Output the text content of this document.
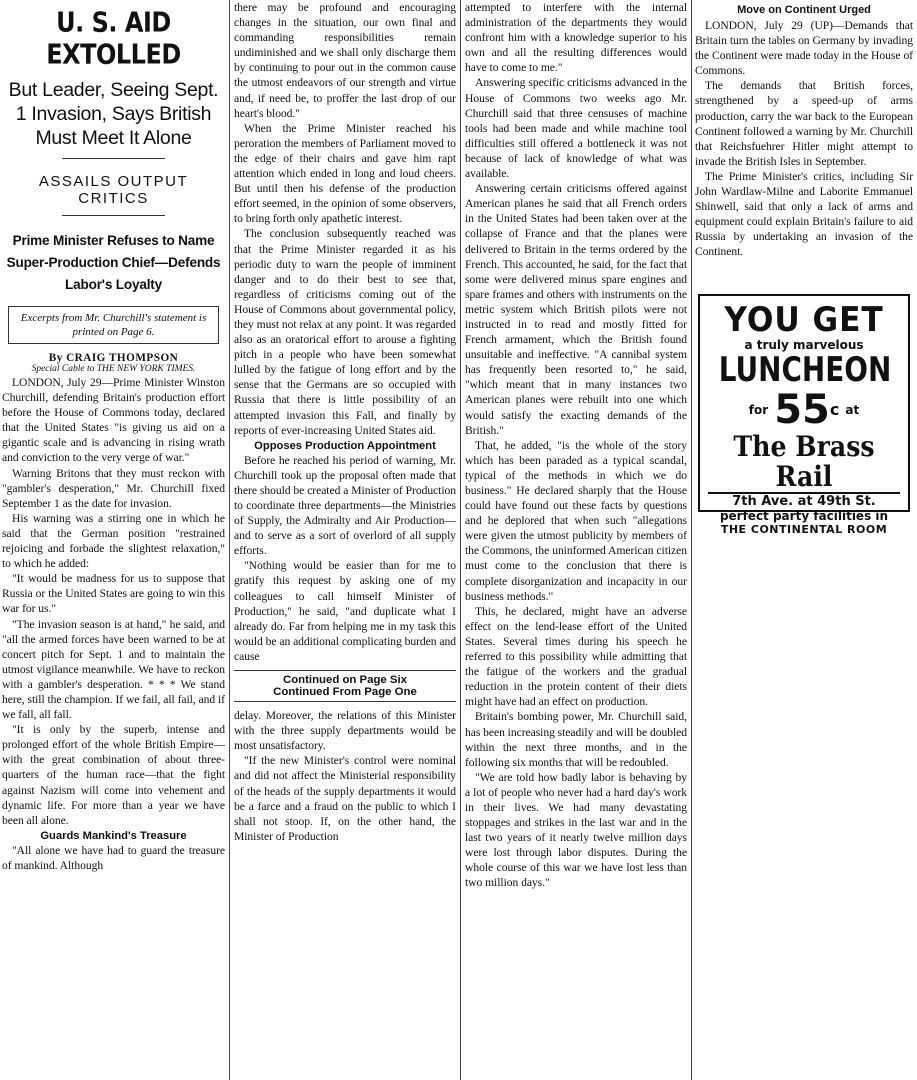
U. S. AID EXTOLLED
But Leader, Seeing Sept. 1 Invasion, Says British Must Meet It Alone
ASSAILS OUTPUT CRITICS
Prime Minister Refuses to Name Super-Production Chief—Defends Labor's Loyalty
Excerpts from Mr. Churchill's statement is printed on Page 6.
By CRAIG THOMPSON
Special Cable to THE NEW YORK TIMES.

LONDON, July 29—Prime Minister Winston Churchill, defending Britain's production effort before the House of Commons today, declared that the United States "is giving us aid on a gigantic scale and is advancing in rising wrath and conviction to the very verge of war."

Warning Britons that they must reckon with "gambler's desperation," Mr. Churchill fixed September 1 as the date for invasion.

His warning was a stirring one in which he said that the German position "restrained rejoicing and forbade the slightest relaxation," to which he added:

"It would be madness for us to suppose that Russia or the United States are going to win this war for us."

"The invasion season is at hand," he said, and "all the armed forces have been warned to be at concert pitch for Sept. 1 and to maintain the utmost vigilance meanwhile. We have to reckon with a gambler's desperation. * * * We stand here, still the champion. If we fail, all fail, and if we fall, all fall.

"It is only by the superb, intense and prolonged effort of the whole British Empire—with the great combination of about three-quarters of the human race—that the fight against Nazism will come into vehement and dynamic life. For more than a year we have been all alone.

Guards Mankind's Treasure

"All alone we have had to guard the treasure of mankind. Although

there may be profound and encouraging changes in the situation, our own final and commanding responsibilities remain undiminished and we shall only discharge them by continuing to pour out in the common cause the utmost endeavors of our strength and virtue and, if need be, to proffer the last drop of our heart's blood."

When the Prime Minister reached his peroration the members of Parliament moved to the edge of their chairs and gave him rapt attention which ended in long and loud cheers. But until then his defense of the production effort seemed, in the opinion of some observers, to bring forth only apathetic interest.

The conclusion subsequently reached was that the Prime Minister regarded it as his periodic duty to warn the people of imminent danger and to do their best to see that, regardless of criticisms coming out of the House of Commons about governmental policy, they must not relax at any point. It was regarded also as an oratorical effort to arouse a fighting pitch in a people who have been somewhat lulled by the fatigue of long effort and by the sense that the Germans are so occupied with Russia that there is little possibility of an attempted invasion this Fall, and finally by reports of ever-increasing United States aid.

Opposes Production Appointment

Before he reached his period of warning, Mr. Churchill took up the proposal often made that there should be created a Minister of Production to coordinate three departments—the Ministries of Supply, the Admiralty and Air Production—and to serve as a sort of overlord of all supply efforts.

"Nothing would be easier than for me to gratify this request by asking one of my colleagues to call himself Minister of Production," he said, "and duplicate what I already do. Far from helping me in my task this would be an additional complicating burden and cause

Continued on Page Six
Continued From Page One

delay. Moreover, the relations of this Minister with the three supply departments would be most unsatisfactory.

"If the new Minister's control were nominal and did not affect the Ministerial responsibility of the heads of the supply departments it would be a farce and a fraud on the public to which I shall not stoop. If, on the other hand, the Minister of Production

attempted to interfere with the internal administration of the departments they would confront him with a knowledge superior to his own and all the resulting differences would have to come to me."

Answering specific criticisms advanced in the House of Commons two weeks ago Mr. Churchill said that three censuses of machine tools had been made and while machine tool difficulties still offered a bottleneck it was not because of lack of knowledge of what was available.

Answering certain criticisms offered against American planes he said that all French orders in the United States had been taken over at the collapse of France and that the planes were delivered to Britain in the terms ordered by the French. This accounted, he said, for the fact that some were delivered minus spare engines and spare frames and others with instruments on the metric system which British pilots were not instructed in to read and mostly fitted for French armament, which the British found unsuitable and ineffective. "A cannibal system has frequently been resorted to," he said, "which meant that in many instances two American planes were rebuilt into one which would satisfy the exacting demands of the British."

That, he added, "is the whole of the story which has been paraded as a typical scandal, typical of the methods in which we do business." He declared sharply that the House could have found out these facts by questions and he deplored that when such "allegations were given the utmost publicity by members of the Commons, the uninformed American citizen must come to the conclusion that there is complete disorganization and incapacity in our business methods."

This, he declared, might have an adverse effect on the lend-lease effort of the United States. Several times during his speech he referred to this possibility while admitting that the fatigue of the workers and the gradual reduction in the protein content of their diets might have had an effect on production.

Britain's bombing power, Mr. Churchill said, has been increasing steadily and will be doubled within the next three months, and in the following six months that will be redoubled.

"We are told how badly labor is behaving by a lot of people who never had a hard day's work in their lives. We had many devastating stoppages and strikes in the last war and in the last two years of it nearly twelve million days were lost through labor disputes. During the whole course of this war we have lost less than two million days."

Move on Continent Urged

LONDON, July 29 (UP)—Demands that Britain turn the tables on Germany by invading the Continent were made today in the House of Commons.

The demands that British forces, strengthened by a speed-up of arms production, carry the war back to the European Continent followed a warning by Mr. Churchill that Reichsfuehrer Hitler might attempt to invade the British Isles in September.

The Prime Minister's critics, including Sir John Wardlaw-Milne and Laborite Emmanuel Shinwell, said that only a lack of arms and equipment could explain Britain's failure to aid Russia by undertaking an invasion of the Continent.

YOU GET
a truly marvelous
LUNCHEON
for 55$^c$ at
The Brass Rail
7th Ave. at 49th St.
perfect party facilities in
THE CONTINENTAL ROOM
